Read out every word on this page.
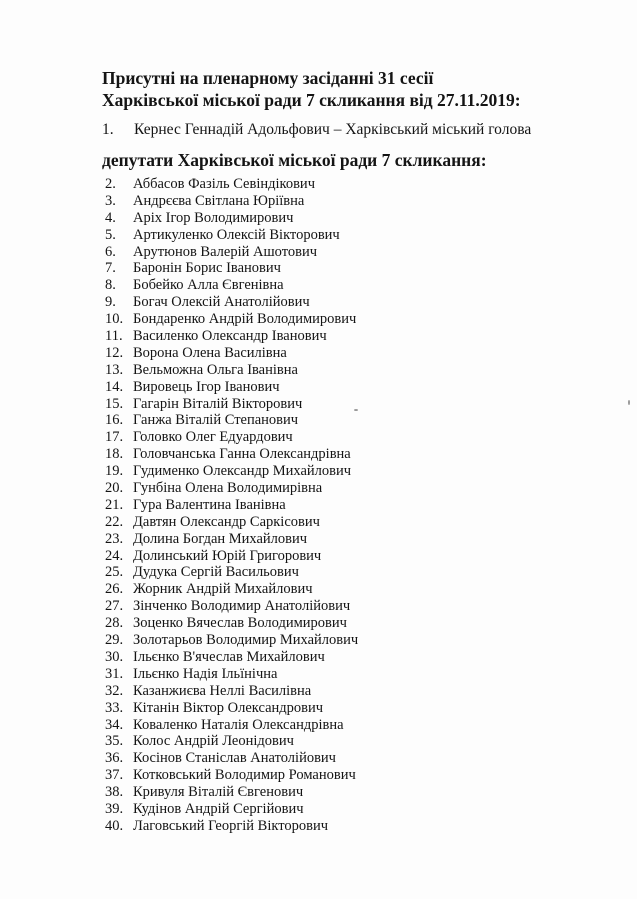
Присутні на пленарному засіданні 31 сесії
Харківської міської ради 7 скликання від 27.11.2019:
1. Кернес Геннадій Адольфович – Харківський міський голова
депутати Харківської міської ради 7 скликання:
2. Аббасов Фазіль Севіндікович
3. Андрєєва Світлана Юріївна
4. Аріх Ігор Володимирович
5. Артикуленко Олексій Вікторович
6. Арутюнов Валерій Ашотович
7. Баронін Борис Іванович
8. Бобейко Алла Євгенівна
9. Богач Олексій Анатолійович
10. Бондаренко Андрій Володимирович
11. Василенко Олександр Іванович
12. Ворона Олена Василівна
13. Вельможна Ольга Іванівна
14. Вировець Ігор Іванович
15. Гагарін Віталій Вікторович
16. Ганжа Віталій Степанович
17. Головко Олег Едуардович
18. Головчанська Ганна Олександрівна
19. Гудименко Олександр Михайлович
20. Гунбіна Олена Володимирівна
21. Гура Валентина Іванівна
22. Давтян Олександр Саркісович
23. Долина Богдан Михайлович
24. Долинський Юрій Григорович
25. Дудука Сергій Васильович
26. Жорник Андрій Михайлович
27. Зінченко Володимир Анатолійович
28. Зоценко Вячеслав Володимирович
29. Золотарьов Володимир Михайлович
30. Ільєнко В'ячеслав Михайлович
31. Ільєнко Надія Ільїнічна
32. Казанжиєва Неллі Василівна
33. Кітанін Віктор Олександрович
34. Коваленко Наталія Олександрівна
35. Колос Андрій Леонідович
36. Косінов Станіслав Анатолійович
37. Котковський Володимир Романович
38. Кривуля Віталій Євгенович
39. Кудінов Андрій Сергійович
40. Лаговський Георгій Вікторович
